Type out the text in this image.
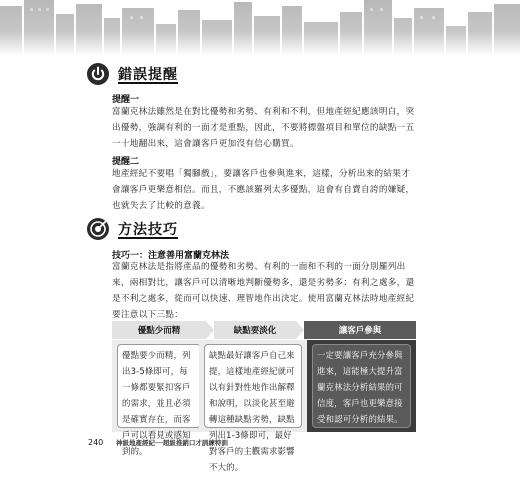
錯誤提醒
提醒一
富蘭克林法雖然是在對比優勢和劣勢、有利和不利，但地產經紀應該明白，突出優勢，強調有利的一面才是重點，因此，不要將標盤項目和單位的缺點一五一十地翻出來，這會讓客戶更加沒有信心購買。
提醒二
地產經紀不要唱「獨腳戲」，要讓客戶也參與進來，這樣，分析出來的結果才會讓客戶更樂意相信。而且，不應該羅列太多優點，這會有自賣自誇的嫌疑，也就失去了比較的意義。
方法技巧
技巧一：注意善用富蘭克林法
富蘭克林法是指將產品的優勢和劣勢、有利的一面和不利的一面分別羅列出來，兩相對比，讓客戶可以清晰地判斷優勢多，還是劣勢多；有利之處多，還是不利之處多，從而可以快速、理智地作出決定。使用富蘭克林法時地產經紀要注意以下三點：
優點少而精	缺點要淡化	讓客戶參與
優點要少而精，列出3-5條即可，每一條都要緊扣客戶的需求，並且必須是確實存在，而客戶可以看見或感知到的。
缺點最好讓客戶自己來提，這樣地產經紀就可以有針對性地作出解釋和說明，以淡化甚至避轉這種缺點劣勢，缺點列出1-3條即可，最好對客戶的主觀需求影響不大的。
一定要讓客戶充分參與進來，這能極大提升富蘭克林法分析結果的可信度，客戶也更樂意接受和認可分析的結果。
240	神級地產經紀──超級推銷口才訓練特訓
